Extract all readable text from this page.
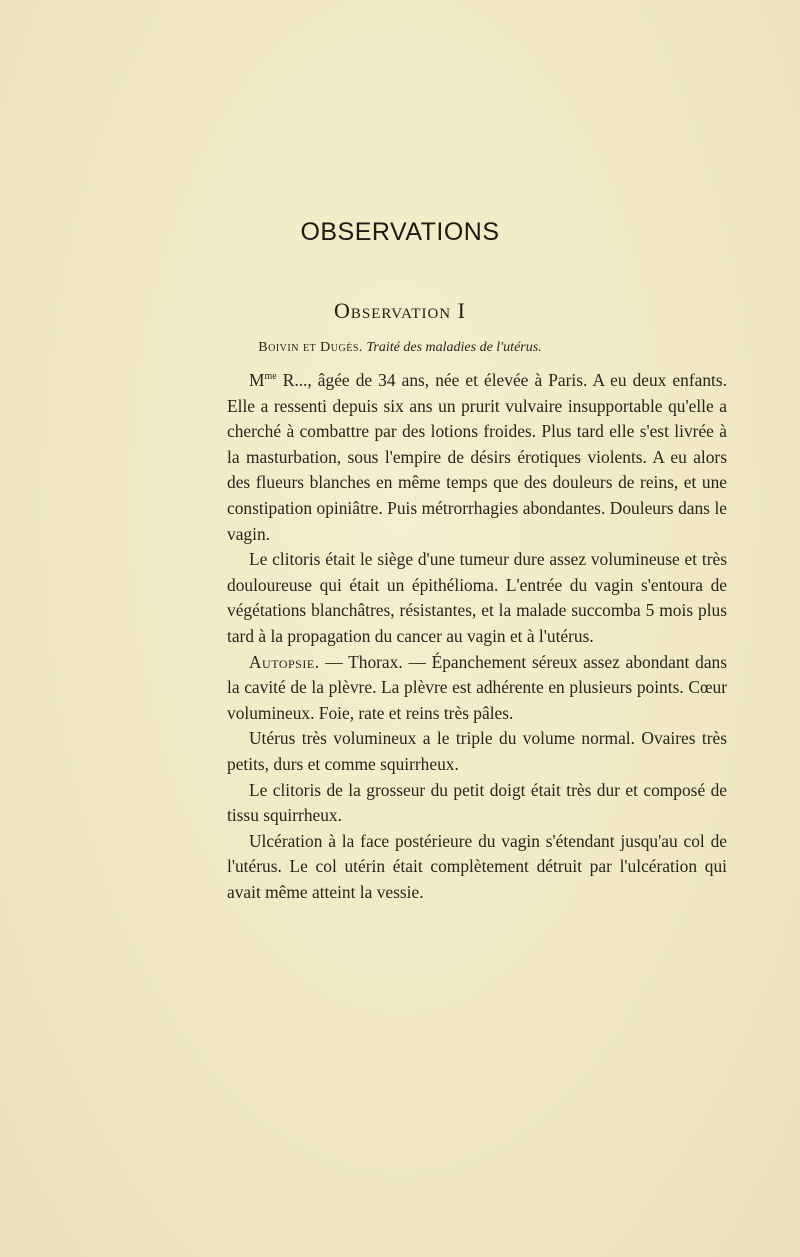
OBSERVATIONS
Observation I
Boivin et Dugès. Traité des maladies de l'utérus.

$M^{me}$ R..., âgée de 34 ans, née et élevée à Paris. A eu deux enfants. Elle a ressenti depuis six ans un prurit vulvaire insupportable qu'elle a cherché à combattre par des lotions froides. Plus tard elle s'est livrée à la masturbation, sous l'empire de désirs érotiques violents. A eu alors des flueurs blanches en même temps que des douleurs de reins, et une constipation opiniâtre. Puis métrorrhagies abondantes. Douleurs dans le vagin.

Le clitoris était le siège d'une tumeur dure assez volumineuse et très douloureuse qui était un épithélioma. L'entrée du vagin s'entoura de végétations blanchâtres, résistantes, et la malade succomba 5 mois plus tard à la propagation du cancer au vagin et à l'utérus.

Autopsie. — Thorax. — Épanchement séreux assez abondant dans la cavité de la plèvre. La plèvre est adhérente en plusieurs points. Cœur volumineux. Foie, rate et reins très pâles.

Utérus très volumineux a le triple du volume normal. Ovaires très petits, durs et comme squirrheux.

Le clitoris de la grosseur du petit doigt était très dur et composé de tissu squirrheux.

Ulcération à la face postérieure du vagin s'étendant jusqu'au col de l'utérus. Le col utérin était complètement détruit par l'ulcération qui avait même atteint la vessie.
